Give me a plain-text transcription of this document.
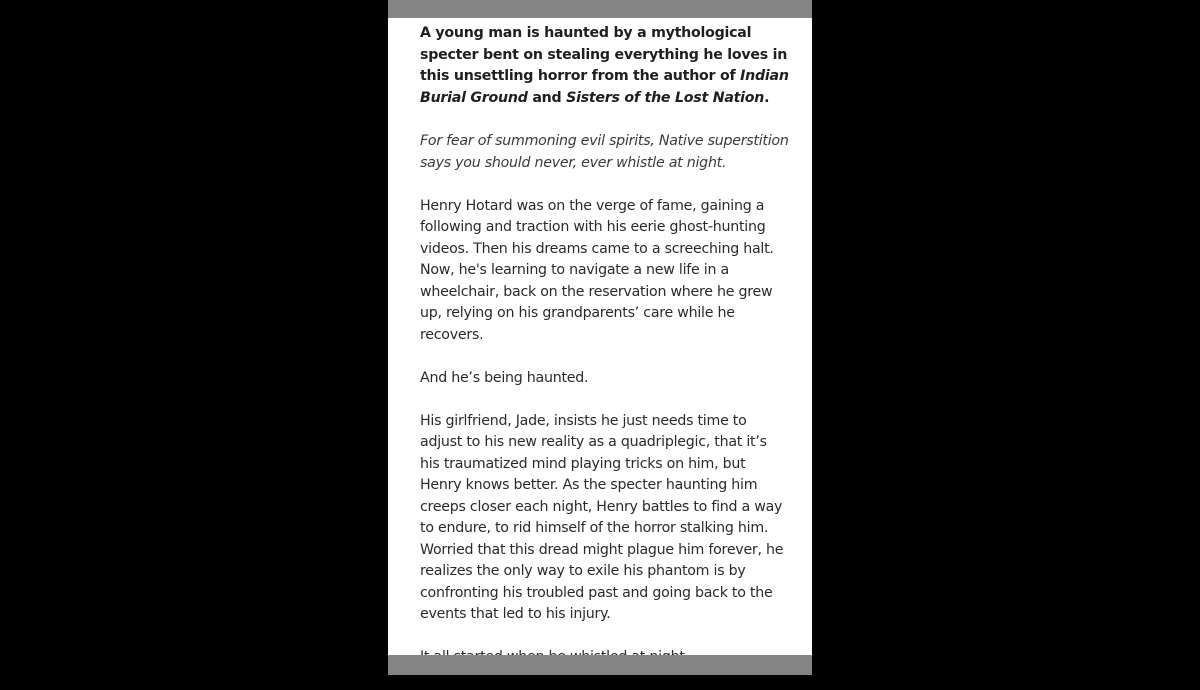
A young man is haunted by a mythological specter bent on stealing everything he loves in this unsettling horror from the author of Indian Burial Ground and Sisters of the Lost Nation.

For fear of summoning evil spirits, Native superstition says you should never, ever whistle at night.

Henry Hotard was on the verge of fame, gaining a following and traction with his eerie ghost-hunting videos. Then his dreams came to a screeching halt. Now, he's learning to navigate a new life in a wheelchair, back on the reservation where he grew up, relying on his grandparents’ care while he recovers.

And he’s being haunted.

His girlfriend, Jade, insists he just needs time to adjust to his new reality as a quadriplegic, that it’s his traumatized mind playing tricks on him, but Henry knows better. As the specter haunting him creeps closer each night, Henry battles to find a way to endure, to rid himself of the horror stalking him. Worried that this dread might plague him forever, he realizes the only way to exile his phantom is by confronting his troubled past and going back to the events that led to his injury.
